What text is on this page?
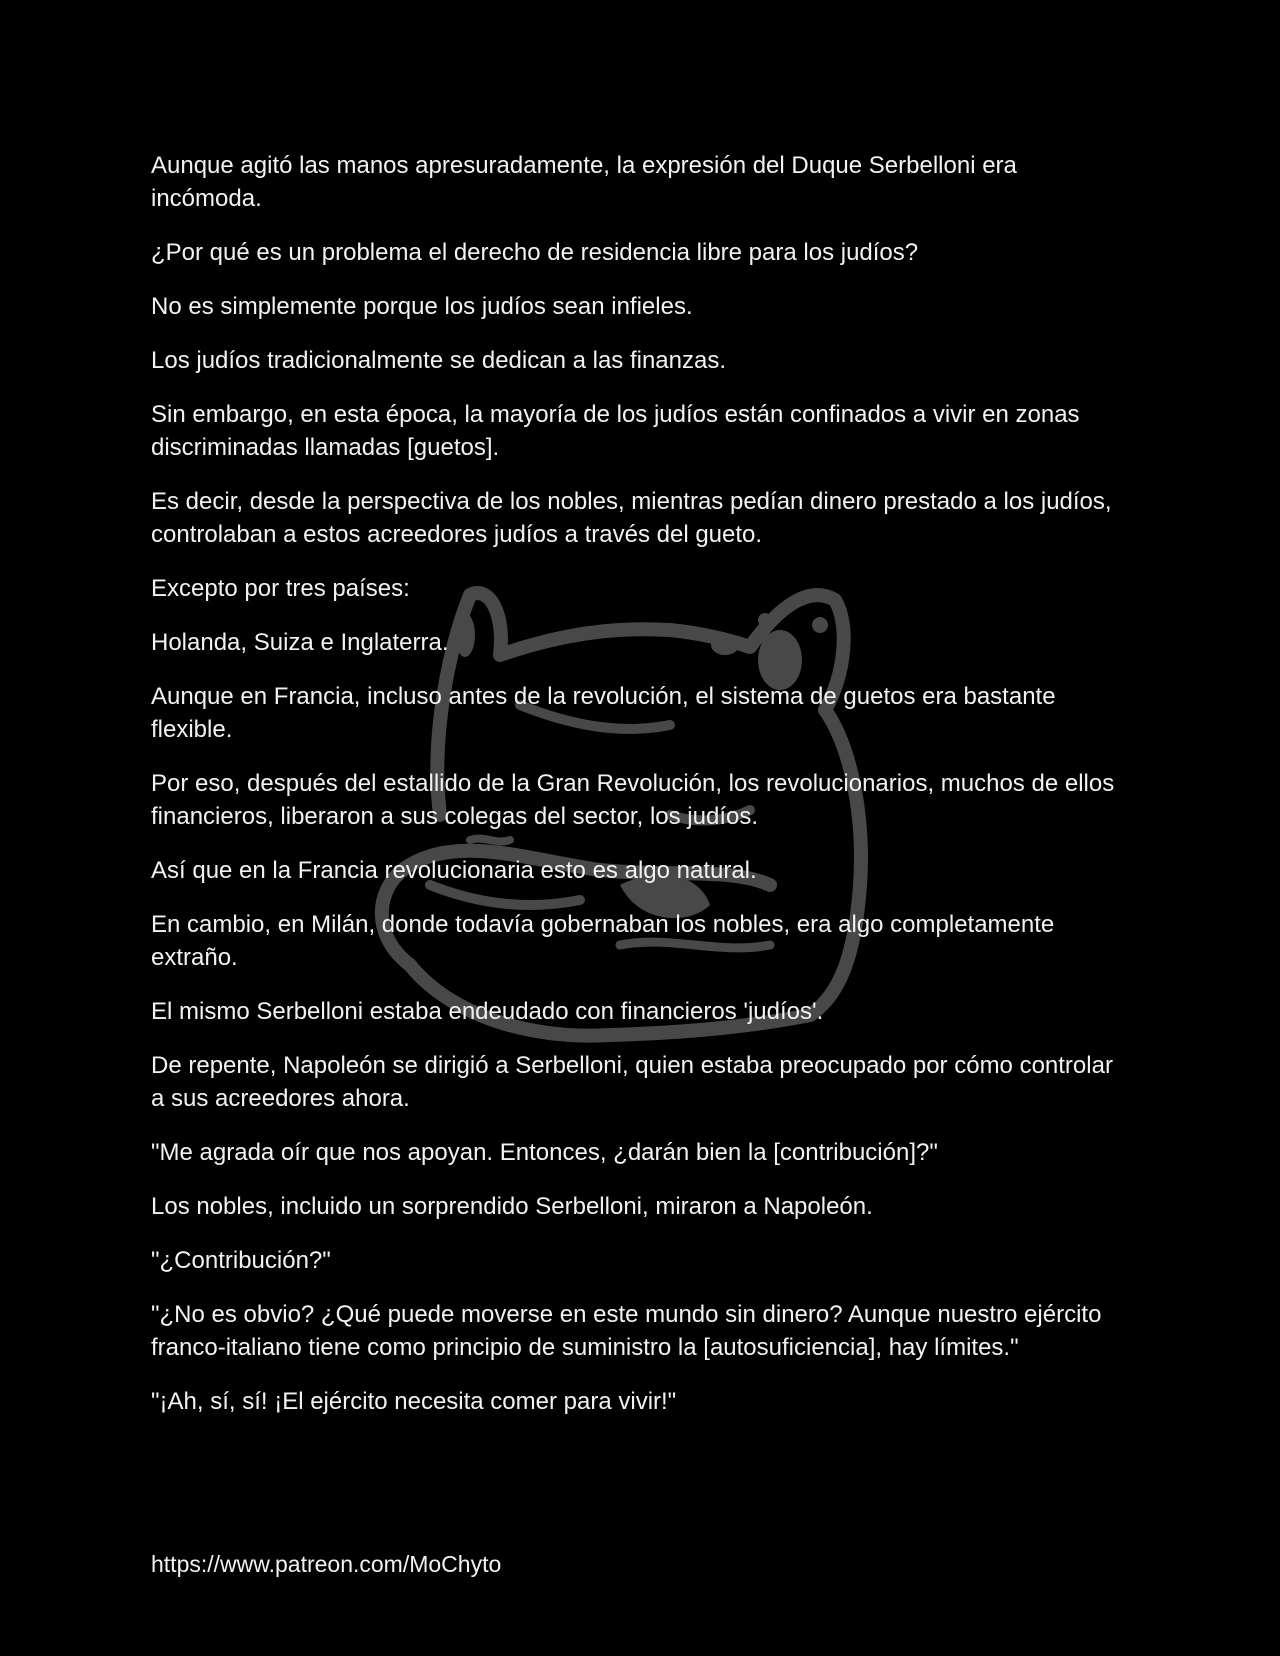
Aunque agitó las manos apresuradamente, la expresión del Duque Serbelloni era incómoda.

¿Por qué es un problema el derecho de residencia libre para los judíos?

No es simplemente porque los judíos sean infieles.

Los judíos tradicionalmente se dedican a las finanzas.

Sin embargo, en esta época, la mayoría de los judíos están confinados a vivir en zonas discriminadas llamadas [guetos].

Es decir, desde la perspectiva de los nobles, mientras pedían dinero prestado a los judíos, controlaban a estos acreedores judíos a través del gueto.

Excepto por tres países:

Holanda, Suiza e Inglaterra.

Aunque en Francia, incluso antes de la revolución, el sistema de guetos era bastante flexible.

Por eso, después del estallido de la Gran Revolución, los revolucionarios, muchos de ellos financieros, liberaron a sus colegas del sector, los judíos.

Así que en la Francia revolucionaria esto es algo natural.

En cambio, en Milán, donde todavía gobernaban los nobles, era algo completamente extraño.

El mismo Serbelloni estaba endeudado con financieros 'judíos'.

De repente, Napoleón se dirigió a Serbelloni, quien estaba preocupado por cómo controlar a sus acreedores ahora.

"Me agrada oír que nos apoyan. Entonces, ¿darán bien la [contribución]?"

Los nobles, incluido un sorprendido Serbelloni, miraron a Napoleón.

"¿Contribución?"

"¿No es obvio? ¿Qué puede moverse en este mundo sin dinero? Aunque nuestro ejército franco-italiano tiene como principio de suministro la [autosuficiencia], hay límites."

"¡Ah, sí, sí! ¡El ejército necesita comer para vivir!"

https://www.patreon.com/MoChyto
